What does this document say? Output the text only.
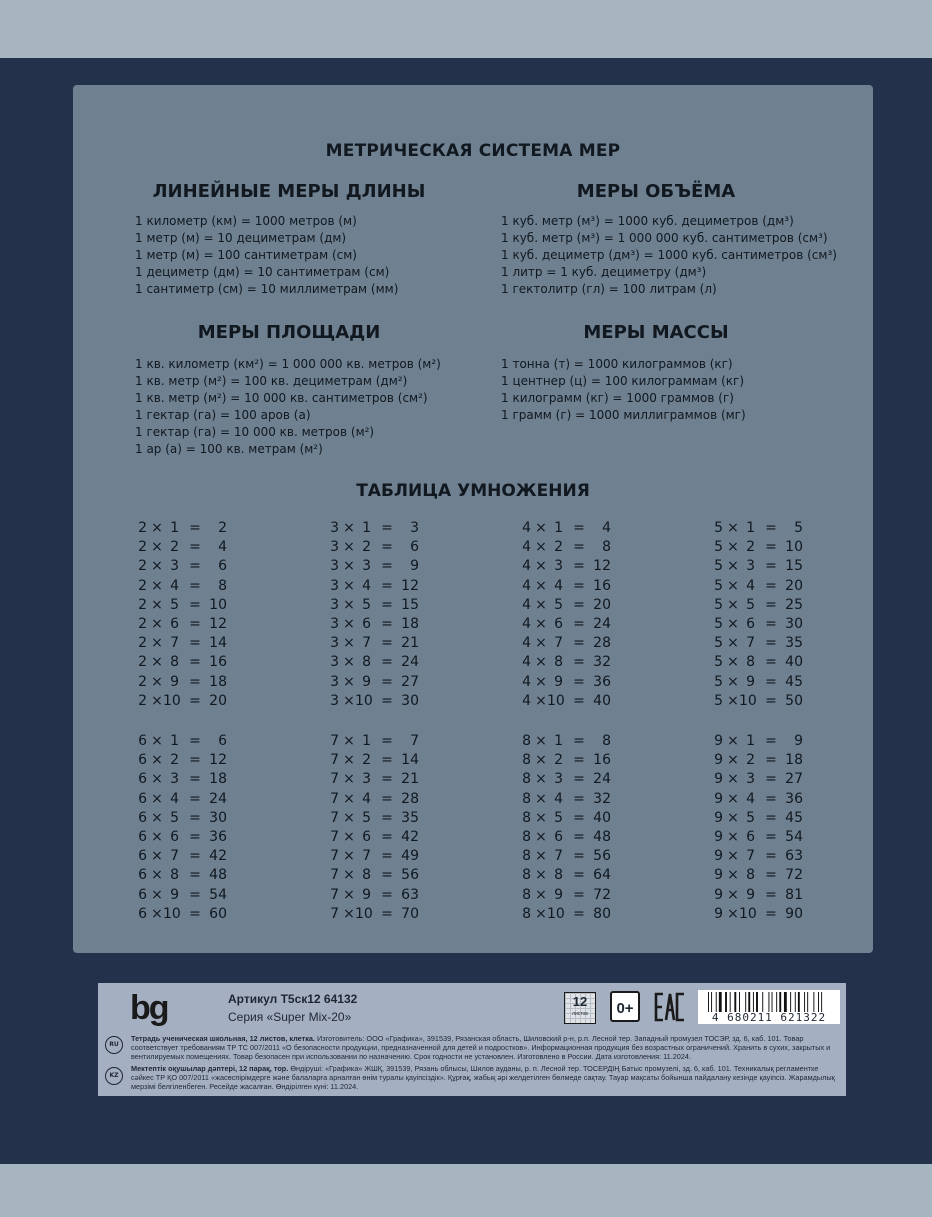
МЕТРИЧЕСКАЯ СИСТЕМА МЕР
ЛИНЕЙНЫЕ МЕРЫ ДЛИНЫ
1 километр (км) = 1000 метров (м)
1 метр (м) = 10 дециметрам (дм)
1 метр (м) = 100 сантиметрам (см)
1 дециметр (дм) = 10 сантиметрам (см)
1 сантиметр (см) = 10 миллиметрам (мм)
МЕРЫ ОБЪЁМА
1 куб. метр (м³) = 1000 куб. дециметров (дм³)
1 куб. метр (м³) = 1 000 000 куб. сантиметров (см³)
1 куб. дециметр (дм³) = 1000 куб. сантиметров (см³)
1 литр = 1 куб. дециметру (дм³)
1 гектолитр (гл) = 100 литрам (л)
МЕРЫ ПЛОЩАДИ
1 кв. километр (км²) = 1 000 000 кв. метров (м²)
1 кв. метр (м²) = 100 кв. дециметрам (дм²)
1 кв. метр (м²) = 10 000 кв. сантиметров (см²)
1 гектар (га) = 100 аров (а)
1 гектар (га) = 10 000 кв. метров (м²)
1 ар (а) = 100 кв. метрам (м²)
МЕРЫ МАССЫ
1 тонна (т) = 1000 килограммов (кг)
1 центнер (ц) = 100 килограммам (кг)
1 килограмм (кг) = 1000 граммов (г)
1 грамм (г) = 1000 миллиграммов (мг)
ТАБЛИЦА УМНОЖЕНИЯ
2 × 1 =	2
2 × 2 =	4
2 × 3 =	6
2 × 4 =	8
2 × 5 = 10
2 × 6 = 12
2 × 7 = 14
2 × 8 = 16
2 × 9 = 18
2 × 10 = 20
3 × 1 =	3
3 × 2 =	6
3 × 3 =	9
3 × 4 = 12
3 × 5 = 15
3 × 6 = 18
3 × 7 = 21
3 × 8 = 24
3 × 9 = 27
3 × 10 = 30
4 × 1 =	4
4 × 2 =	8
4 × 3 = 12
4 × 4 = 16
4 × 5 = 20
4 × 6 = 24
4 × 7 = 28
4 × 8 = 32
4 × 9 = 36
4 × 10 = 40
5 × 1 =	5
5 × 2 = 10
5 × 3 = 15
5 × 4 = 20
5 × 5 = 25
5 × 6 = 30
5 × 7 = 35
5 × 8 = 40
5 × 9 = 45
5 × 10 = 50
6 × 1 =	6
6 × 2 = 12
6 × 3 = 18
6 × 4 = 24
6 × 5 = 30
6 × 6 = 36
6 × 7 = 42
6 × 8 = 48
6 × 9 = 54
6 × 10 = 60
7 × 1 =	7
7 × 2 = 14
7 × 3 = 21
7 × 4 = 28
7 × 5 = 35
7 × 6 = 42
7 × 7 = 49
7 × 8 = 56
7 × 9 = 63
7 × 10 = 70
8 × 1 =	8
8 × 2 = 16
8 × 3 = 24
8 × 4 = 32
8 × 5 = 40
8 × 6 = 48
8 × 7 = 56
8 × 8 = 64
8 × 9 = 72
8 × 10 = 80
9 × 1 =	9
9 × 2 = 18
9 × 3 = 27
9 × 4 = 36
9 × 5 = 45
9 × 6 = 54
9 × 7 = 63
9 × 8 = 72
9 × 9 = 81
9 × 10 = 90
bg	Артикул T5ск12 64132
Серия «Super Mix-20»
12
листов	0+
4 680211 621322
RU
Тетрадь ученическая школьная, 12 листов, клетка. Изготовитель: ООО «Графика», 391539, Рязанская область, Шиловский р-н, р.п. Лесной тер. Западный промузел ТОСЭР, зд. 6, каб. 101. Товар соответствует требованиям ТР ТС 007/2011 «О безопасности продукции, предназначенной для детей и подростков». Информационная продукция без возрастных ограничений. Хранить в сухих, закрытых и вентилируемых помещениях. Товар безопасен при использовании по назначению. Срок годности не установлен. Изготовлено в России. Дата изготовления: 11.2024.
KZ
Мектептік оқушылар дәптері, 12 парақ, тор. Өндіруші: «Графика» ЖШҚ, 391539, Рязань облысы, Шилов ауданы, р. п. Лесной тер. ТОСЕРДІҢ Батыс промузелі, зд. 6, каб. 101. Техникалық регламентке сәйкес ТР ҚО 007/2011 «жасөспірімдерге және балаларға арналған өнім туралы қауіпсіздік». Құрғақ, жабық әрі желдетілген бөлмеде сақтау. Тауар мақсаты бойынша пайдалану кезінде қауіпсіз. Жарамдылық мерзімі белгіленбеген. Ресейде жасалған. Өндірілген күні: 11.2024.
